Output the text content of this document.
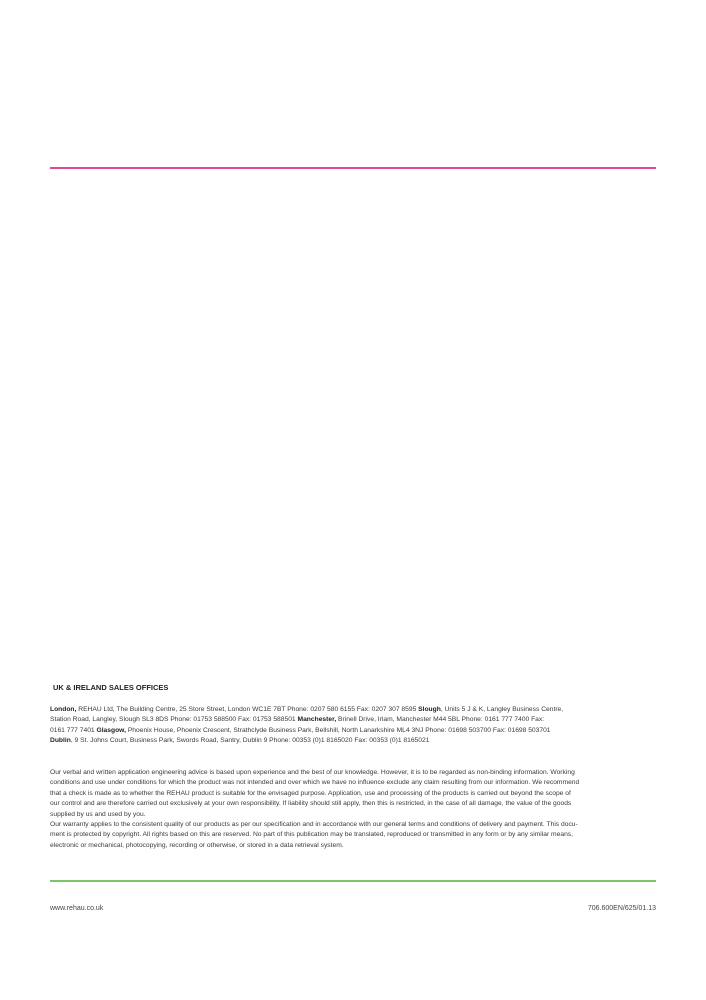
UK & IRELAND SALES OFFICES
London, REHAU Ltd, The Building Centre, 25 Store Street, London WC1E 7BT Phone: 0207 580 6155 Fax: 0207 307 8595 Slough, Units 5 J & K, Langley Business Centre,
Station Road, Langley, Slough SL3 8DS Phone: 01753 588500 Fax: 01753 588501 Manchester, Brinell Drive, Irlam, Manchester M44 5BL Phone: 0161 777 7400 Fax:
0161 777 7401 Glasgow, Phoenix House, Phoenix Crescent, Strathclyde Business Park, Bellshill, North Lanarkshire ML4 3NJ Phone: 01698 503700 Fax: 01698 503701
Dublin, 9 St. Johns Court, Business Park, Swords Road, Santry, Dublin 9 Phone: 00353 (0)1 8165020 Fax: 00353 (0)1 8165021
Our verbal and written application engineering advice is based upon experience and the best of our knowledge. However, it is to be regarded as non-binding information. Working
conditions and use under conditions for which the product was not intended and over which we have no influence exclude any claim resulting from our information. We recommend
that a check is made as to whether the REHAU product is suitable for the envisaged purpose. Application, use and processing of the products is carried out beyond the scope of
our control and are therefore carried out exclusively at your own responsibility. If liability should still apply, then this is restricted, in the case of all damage, the value of the goods
supplied by us and used by you.
Our warranty applies to the consistent quality of our products as per our specification and in accordance with our general terms and conditions of delivery and payment. This docu-
ment is protected by copyright. All rights based on this are reserved. No part of this publication may be translated, reproduced or transmitted in any form or by any similar means,
electronic or mechanical, photocopying, recording or otherwise, or stored in a data retrieval system.
www.rehau.co.uk	706.600EN/625/01.13
